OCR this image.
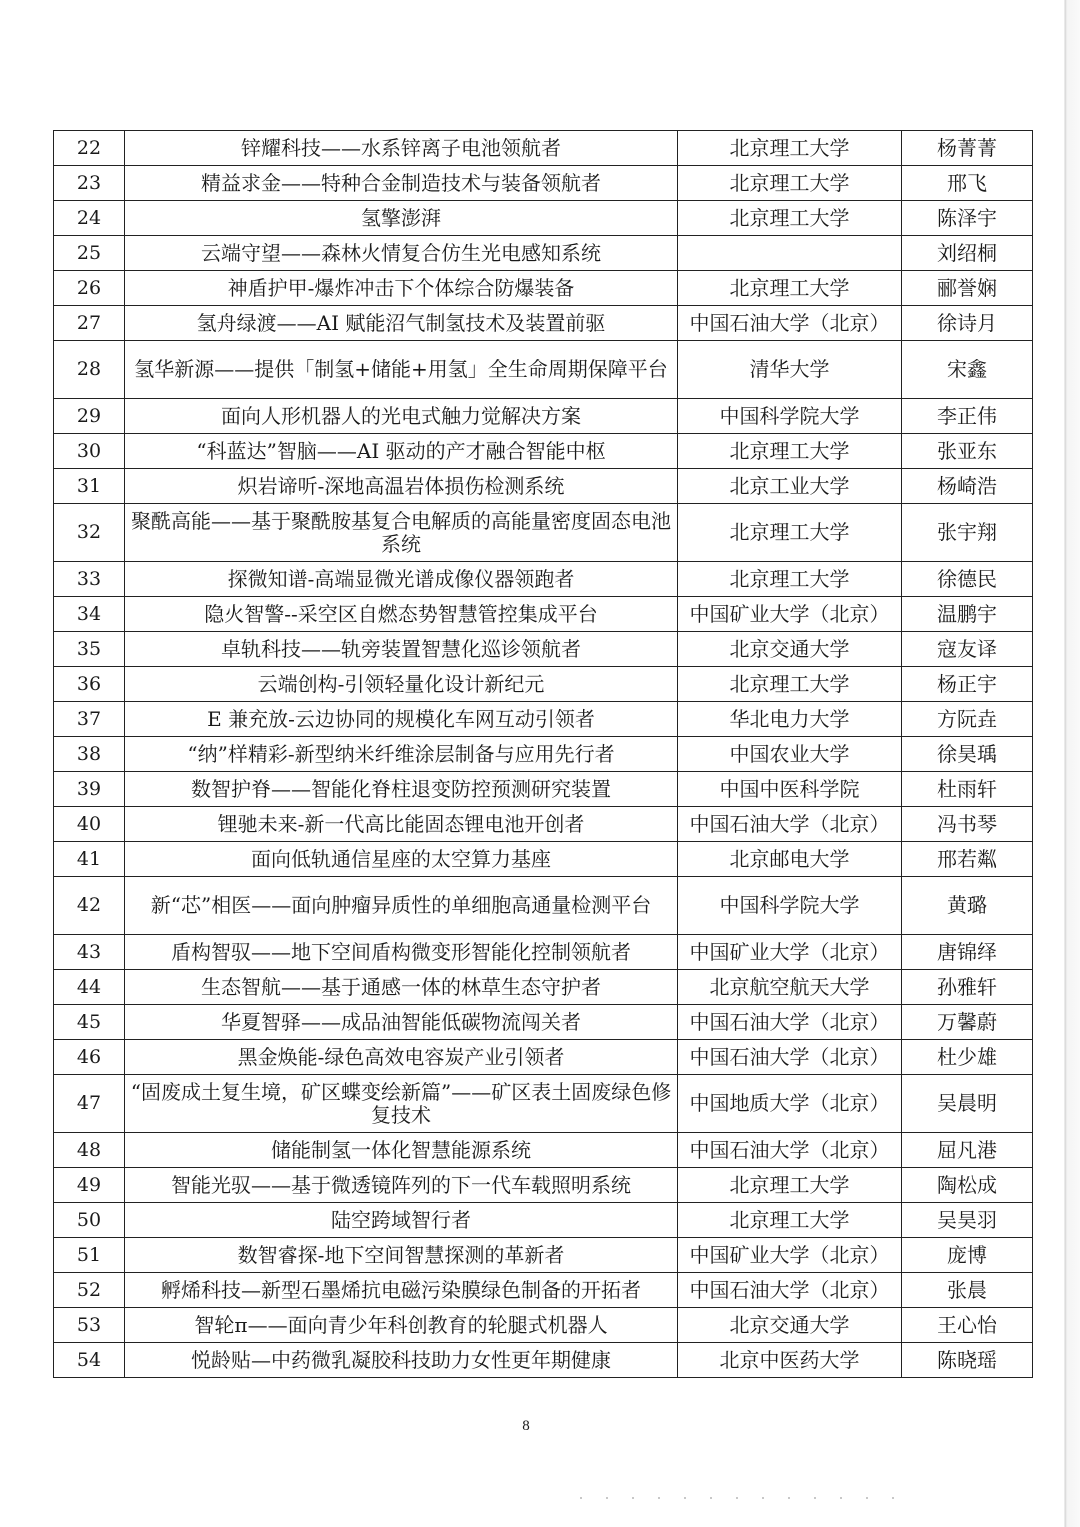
22	锌耀科技——水系锌离子电池领航者	北京理工大学	杨菁菁
23	精益求金——特种合金制造技术与装备领航者	北京理工大学	邢飞
24	氢擎澎湃	北京理工大学	陈泽宇
25	云端守望——森林火情复合仿生光电感知系统		刘绍桐
26	神盾护甲-爆炸冲击下个体综合防爆装备	北京理工大学	郦誉娴
27	氢舟绿渡——AI 赋能沼气制氢技术及装置前驱	中国石油大学（北京）	徐诗月
28	氢华新源——提供「制氢+储能+用氢」全生命周期保障平台	清华大学	宋鑫
29	面向人形机器人的光电式触力觉解决方案	中国科学院大学	李正伟
30	“科蓝达”智脑——AI 驱动的产才融合智能中枢	北京理工大学	张亚东
31	炽岩谛听-深地高温岩体损伤检测系统	北京工业大学	杨崎浩
32	聚酰高能——基于聚酰胺基复合电解质的高能量密度固态电池系统	北京理工大学	张宇翔
33	探微知谱-高端显微光谱成像仪器领跑者	北京理工大学	徐德民
34	隐火智警--采空区自燃态势智慧管控集成平台	中国矿业大学（北京）	温鹏宇
35	卓轨科技——轨旁装置智慧化巡诊领航者	北京交通大学	寇友译
36	云端创构-引领轻量化设计新纪元	北京理工大学	杨正宇
37	E 兼充放-云边协同的规模化车网互动引领者	华北电力大学	方阮垚
38	“纳”样精彩-新型纳米纤维涂层制备与应用先行者	中国农业大学	徐昊瑀
39	数智护脊——智能化脊柱退变防控预测研究装置	中国中医科学院	杜雨轩
40	锂驰未来-新一代高比能固态锂电池开创者	中国石油大学（北京）	冯书琴
41	面向低轨通信星座的太空算力基座	北京邮电大学	邢若粼
42	新“芯”相医——面向肿瘤异质性的单细胞高通量检测平台	中国科学院大学	黄璐
43	盾构智驭——地下空间盾构微变形智能化控制领航者	中国矿业大学（北京）	唐锦绎
44	生态智航——基于通感一体的林草生态守护者	北京航空航天大学	孙雅轩
45	华夏智驿——成品油智能低碳物流闯关者	中国石油大学（北京）	万馨蔚
46	黑金焕能-绿色高效电容炭产业引领者	中国石油大学（北京）	杜少雄
47	“固废成土复生境，矿区蝶变绘新篇”——矿区表土固废绿色修复技术	中国地质大学（北京）	吴晨明
48	储能制氢一体化智慧能源系统	中国石油大学（北京）	屈凡港
49	智能光驭——基于微透镜阵列的下一代车载照明系统	北京理工大学	陶松成
50	陆空跨域智行者	北京理工大学	吴昊羽
51	数智睿探-地下空间智慧探测的革新者	中国矿业大学（北京）	庞博
52	孵烯科技—新型石墨烯抗电磁污染膜绿色制备的开拓者	中国石油大学（北京）	张晨
53	智轮π——面向青少年科创教育的轮腿式机器人	北京交通大学	王心怡
54	悦龄贴—中药微乳凝胶科技助力女性更年期健康	北京中医药大学	陈晓瑶
8
